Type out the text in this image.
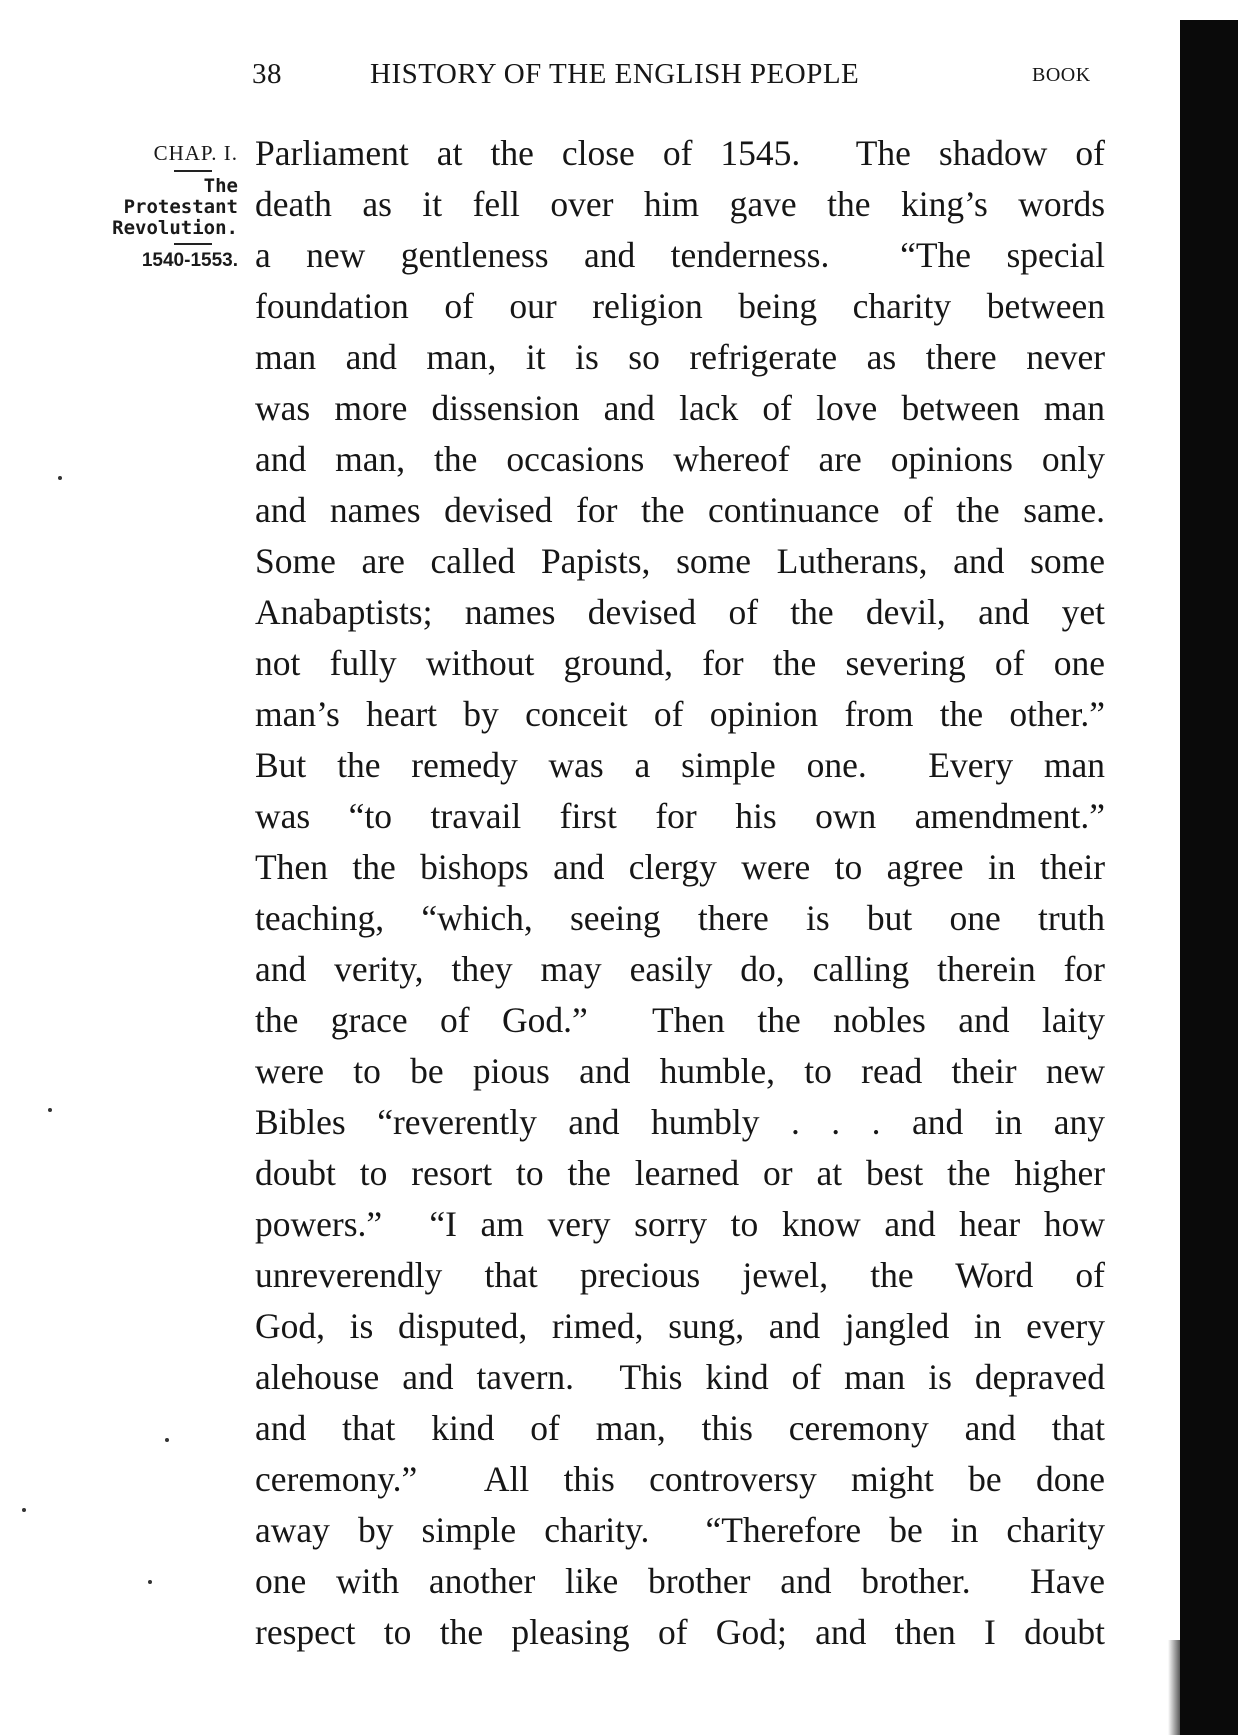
38	HISTORY OF THE ENGLISH PEOPLE	BOOK
CHAP. I.
The
Protestant
Revolution.
1540-1553.
Parliament at the close of 1545.  The shadow of
death as it fell over him gave the king’s words
a new gentleness and tenderness.  “The special
foundation of our religion being charity between
man and man, it is so refrigerate as there never
was more dissension and lack of love between man
and man, the occasions whereof are opinions only
and names devised for the continuance of the same.
Some are called Papists, some Lutherans, and some
Anabaptists; names devised of the devil, and yet
not fully without ground, for the severing of one
man’s heart by conceit of opinion from the other.”
But the remedy was a simple one.  Every man
was “to travail first for his own amendment.”
Then the bishops and clergy were to agree in their
teaching, “which, seeing there is but one truth
and verity, they may easily do, calling therein for
the grace of God.”  Then the nobles and laity
were to be pious and humble, to read their new
Bibles “reverently and humbly . . . and in any
doubt to resort to the learned or at best the higher
powers.”  “I am very sorry to know and hear how
unreverendly that precious jewel, the Word of
God, is disputed, rimed, sung, and jangled in every
alehouse and tavern.  This kind of man is depraved
and that kind of man, this ceremony and that
ceremony.”  All this controversy might be done
away by simple charity.  “Therefore be in charity
one with another like brother and brother.  Have
respect to the pleasing of God; and then I doubt
